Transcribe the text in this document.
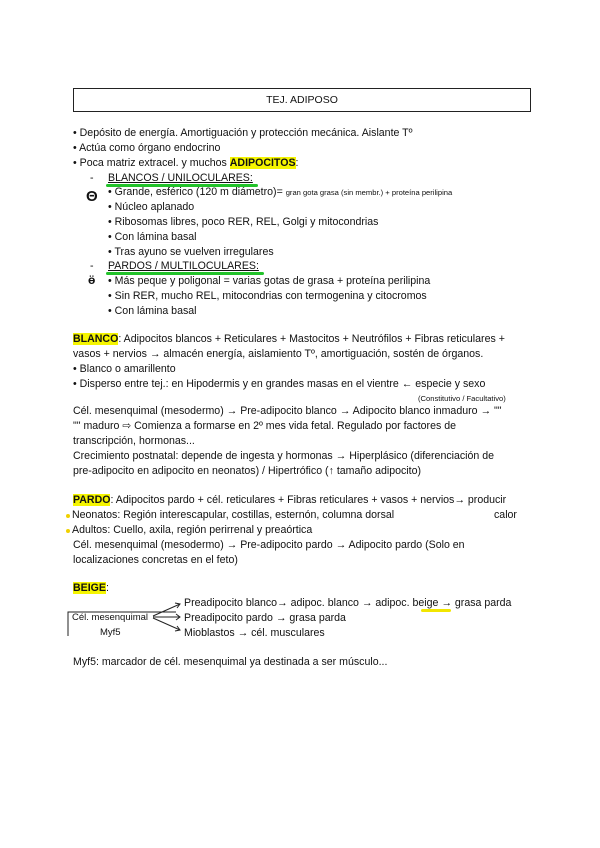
TEJ. ADIPOSO
• Depósito de energía. Amortiguación y protección mecánica. Aislante Tº
• Actúa como órgano endocrino
• Poca matriz extracel. y muchos ADIPOCITOS:
- BLANCOS / UNILOCULARES:
Θ • Grande, esférico (120 m diámetro)= gran gota grasa (sin membr.) + proteína perilipina
• Núcleo aplanado
• Ribosomas libres, poco RER, REL, Golgi y mitocondrias
• Con lámina basal
• Tras ayuno se vuelven irregulares
- PARDOS / MULTILOCULARES:
ӫ • Más peque y poligonal = varias gotas de grasa + proteína perilipina
• Sin RER, mucho REL, mitocondrias con termogenina y citocromos
• Con lámina basal
BLANCO: Adipocitos blancos + Reticulares + Mastocitos + Neutrófilos + Fibras reticulares +
vasos + nervios → almacén energía, aislamiento Tº, amortiguación, sostén de órganos.
• Blanco o amarillento
• Disperso entre tej.: en Hipodermis y en grandes masas en el vientre ← especie y sexo
(Constitutivo / Facultativo)
Cél. mesenquimal (mesodermo) → Pre-adipocito blanco → Adipocito blanco inmaduro → ""
"" maduro ⇨ Comienza a formarse en 2º mes vida fetal. Regulado por factores de
transcripción, hormonas...
Crecimiento postnatal: depende de ingesta y hormonas → Hiperplásico (diferenciación de
pre-adipocito en adipocito en neonatos) / Hipertrófico (↑ tamaño adipocito)
PARDO: Adipocitos pardo + cél. reticulares + Fibras reticulares + vasos + nervios→ producir
Neonatos: Región interescapular, costillas, esternón, columna dorsal	calor
Adultos: Cuello, axila, región perirrenal y preaórtica
Cél. mesenquimal (mesodermo) → Pre-adipocito pardo → Adipocito pardo (Solo en
localizaciones concretas en el feto)
BEIGE:
Cél. mesenquimal
Myf5
Preadipocito blanco→ adipoc. blanco → adipoc. beige → grasa parda
Preadipocito pardo → grasa parda
Mioblastos → cél. musculares
Myf5: marcador de cél. mesenquimal ya destinada a ser músculo...
